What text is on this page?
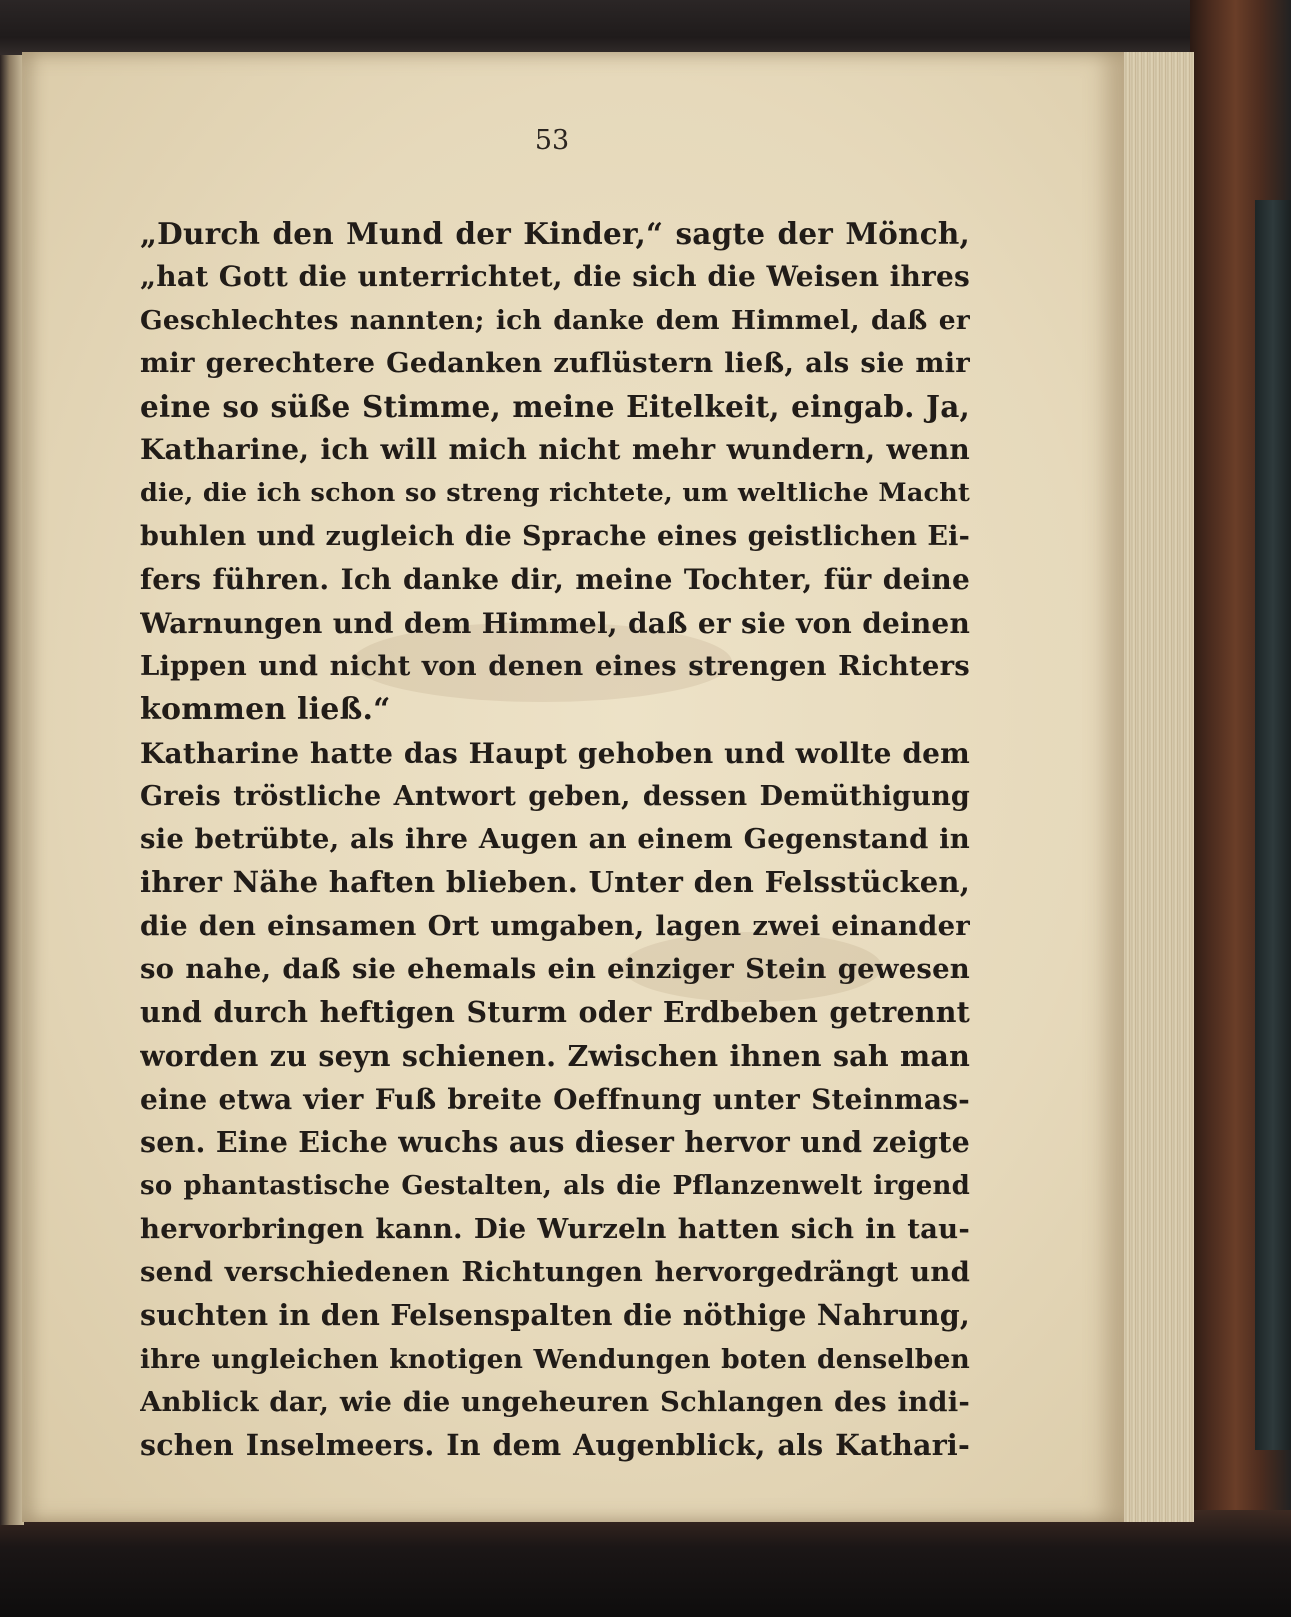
53
„Durch den Mund der Kinder,“ sagte der Mönch,
„hat Gott die unterrichtet, die sich die Weisen ihres
Geschlechtes nannten; ich danke dem Himmel, daß er
mir gerechtere Gedanken zuflüstern ließ, als sie mir
eine so süße Stimme, meine Eitelkeit, eingab. Ja,
Katharine, ich will mich nicht mehr wundern, wenn
die, die ich schon so streng richtete, um weltliche Macht
buhlen und zugleich die Sprache eines geistlichen Ei-
fers führen. Ich danke dir, meine Tochter, für deine
Warnungen und dem Himmel, daß er sie von deinen
Lippen und nicht von denen eines strengen Richters
kommen ließ.“
Katharine hatte das Haupt gehoben und wollte dem
Greis tröstliche Antwort geben, dessen Demüthigung
sie betrübte, als ihre Augen an einem Gegenstand in
ihrer Nähe haften blieben. Unter den Felsstücken,
die den einsamen Ort umgaben, lagen zwei einander
so nahe, daß sie ehemals ein einziger Stein gewesen
und durch heftigen Sturm oder Erdbeben getrennt
worden zu seyn schienen. Zwischen ihnen sah man
eine etwa vier Fuß breite Oeffnung unter Steinmas-
sen. Eine Eiche wuchs aus dieser hervor und zeigte
so phantastische Gestalten, als die Pflanzenwelt irgend
hervorbringen kann. Die Wurzeln hatten sich in tau-
send verschiedenen Richtungen hervorgedrängt und
suchten in den Felsenspalten die nöthige Nahrung,
ihre ungleichen knotigen Wendungen boten denselben
Anblick dar, wie die ungeheuren Schlangen des indi-
schen Inselmeers. In dem Augenblick, als Kathari-
